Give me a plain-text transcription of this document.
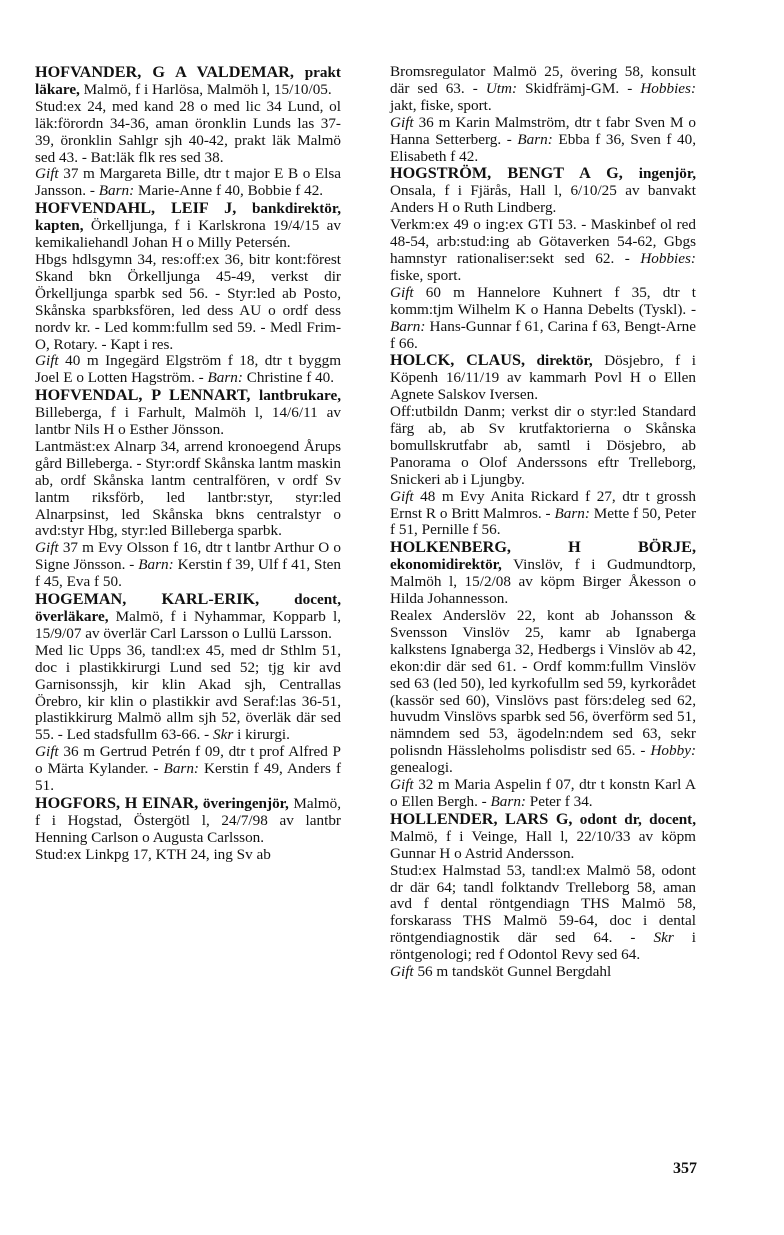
HOFVANDER, G A VALDEMAR, prakt läkare, Malmö, f i Harlösa, Malmöh l, 15/10/05.

Stud:ex 24, med kand 28 o med lic 34 Lund, ol läk:förordn 34-36, aman öronklin Lunds las 37-39, öronklin Sahlgr sjh 40-42, prakt läk Malmö sed 43. - Bat:läk flk res sed 38.

Gift 37 m Margareta Bille, dtr t major E B o Elsa Jansson. - Barn: Marie-Anne f 40, Bobbie f 42.

HOFVENDAHL, LEIF J, bankdirektör, kapten, Örkelljunga, f i Karlskrona 19/4/15 av kemikaliehandl Johan H o Milly Petersén.

Hbgs hdlsgymn 34, res:off:ex 36, bitr kont:förest Skand bkn Örkelljunga 45-49, verkst dir Örkelljunga sparbk sed 56. - Styr:led ab Posto, Skånska sparbksfören, led dess AU o ordf dess nordv kr. - Led komm:fullm sed 59. - Medl Frim-O, Rotary. - Kapt i res.

Gift 40 m Ingegärd Elgström f 18, dtr t byggm Joel E o Lotten Hagström. - Barn: Christine f 40.

HOFVENDAL, P LENNART, lantbrukare, Billeberga, f i Farhult, Malmöh l, 14/6/11 av lantbr Nils H o Esther Jönsson.

Lantmäst:ex Alnarp 34, arrend kronoegend Årups gård Billeberga. - Styr:ordf Skånska lantm maskin ab, ordf Skånska lantm centralfören, v ordf Sv lantm riksförb, led lantbr:styr, styr:led Alnarpsinst, led Skånska bkns centralstyr o avd:styr Hbg, styr:led Billeberga sparbk.

Gift 37 m Evy Olsson f 16, dtr t lantbr Arthur O o Signe Jönsson. - Barn: Kerstin f 39, Ulf f 41, Sten f 45, Eva f 50.

HOGEMAN, KARL-ERIK, docent, överläkare, Malmö, f i Nyhammar, Kopparb l, 15/9/07 av överlär Carl Larsson o Lullü Larsson.

Med lic Upps 36, tandl:ex 45, med dr Sthlm 51, doc i plastikkirurgi Lund sed 52; tjg kir avd Garnisonssjh, kir klin Akad sjh, Centrallas Örebro, kir klin o plastikkir avd Seraf:las 36-51, plastikkirurg Malmö allm sjh 52, överläk där sed 55. - Led stadsfullm 63-66. - Skr i kirurgi.

Gift 36 m Gertrud Petrén f 09, dtr t prof Alfred P o Märta Kylander. - Barn: Kerstin f 49, Anders f 51.

HOGFORS, H EINAR, överingenjör, Malmö, f i Hogstad, Östergötl l, 24/7/98 av lantbr Henning Carlson o Augusta Carlsson.

Stud:ex Linkpg 17, KTH 24, ing Sv ab

Bromsregulator Malmö 25, övering 58, konsult där sed 63. - Utm: Skidfrämj-GM. - Hobbies: jakt, fiske, sport.

Gift 36 m Karin Malmström, dtr t fabr Sven M o Hanna Setterberg. - Barn: Ebba f 36, Sven f 40, Elisabeth f 42.

HOGSTRÖM, BENGT A G, ingenjör, Onsala, f i Fjärås, Hall l, 6/10/25 av banvakt Anders H o Ruth Lindberg.

Verkm:ex 49 o ing:ex GTI 53. - Maskinbef ol red 48-54, arb:stud:ing ab Götaverken 54-62, Gbgs hamnstyr rationaliser:sekt sed 62. - Hobbies: fiske, sport.

Gift 60 m Hannelore Kuhnert f 35, dtr t komm:tjm Wilhelm K o Hanna Debelts (Tyskl). - Barn: Hans-Gunnar f 61, Carina f 63, Bengt-Arne f 66.

HOLCK, CLAUS, direktör, Dösjebro, f i Köpenh 16/11/19 av kammarh Povl H o Ellen Agnete Salskov Iversen.

Off:utbildn Danm; verkst dir o styr:led Standard färg ab, ab Sv krutfaktorierna o Skånska bomullskrutfabr ab, samtl i Dösjebro, ab Panorama o Olof Anderssons eftr Trelleborg, Snickeri ab i Ljungby.

Gift 48 m Evy Anita Rickard f 27, dtr t grossh Ernst R o Britt Malmros. - Barn: Mette f 50, Peter f 51, Pernille f 56.

HOLKENBERG, H BÖRJE, ekonomidirektör, Vinslöv, f i Gudmundtorp, Malmöh l, 15/2/08 av köpm Birger Åkesson o Hilda Johannesson.

Realex Anderslöv 22, kont ab Johansson & Svensson Vinslöv 25, kamr ab Ignaberga kalkstens Ignaberga 32, Hedbergs i Vinslöv ab 42, ekon:dir där sed 61. - Ordf komm:fullm Vinslöv sed 63 (led 50), led kyrkofullm sed 59, kyrkorådet (kassör sed 60), Vinslövs past förs:deleg sed 62, huvudm Vinslövs sparbk sed 56, överförm sed 51, nämndem sed 53, ägodeln:ndem sed 63, sekr polisndn Hässleholms polisdistr sed 65. - Hobby: genealogi.

Gift 32 m Maria Aspelin f 07, dtr t konstn Karl A o Ellen Bergh. - Barn: Peter f 34.

HOLLENDER, LARS G, odont dr, docent, Malmö, f i Veinge, Hall l, 22/10/33 av köpm Gunnar H o Astrid Andersson.

Stud:ex Halmstad 53, tandl:ex Malmö 58, odont dr där 64; tandl folktandv Trelleborg 58, aman avd f dental röntgendiagn THS Malmö 58, forskarass THS Malmö 59-64, doc i dental röntgendiagnostik där sed 64. - Skr i röntgenologi; red f Odontol Revy sed 64.

Gift 56 m tandsköt Gunnel Bergdahl

357
